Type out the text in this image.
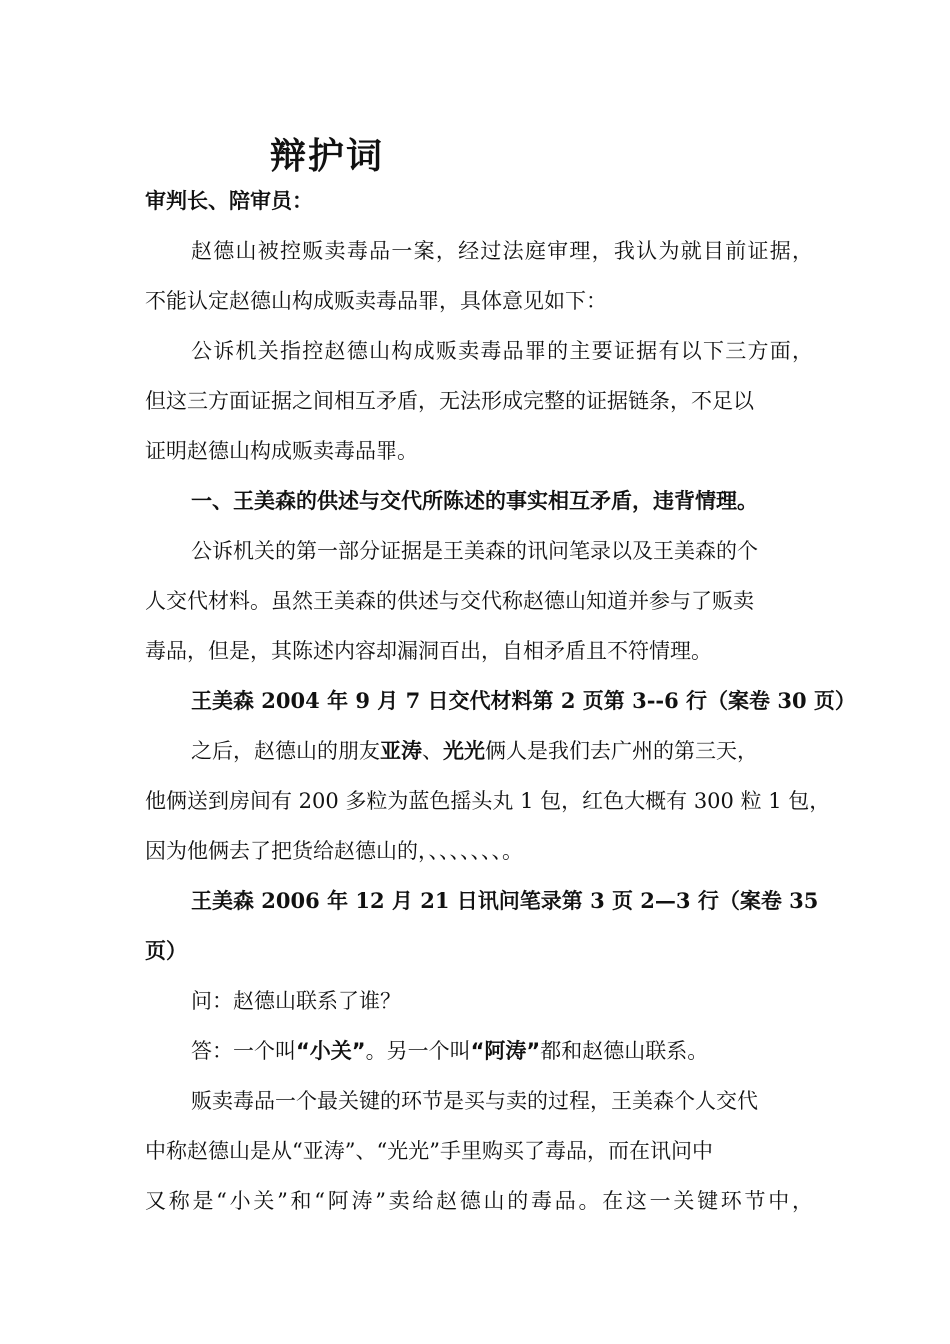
辩护词
审判长、陪审员：
赵德山被控贩卖毒品一案，经过法庭审理，我认为就目前证据，
不能认定赵德山构成贩卖毒品罪，具体意见如下：
公诉机关指控赵德山构成贩卖毒品罪的主要证据有以下三方面，
但这三方面证据之间相互矛盾，无法形成完整的证据链条，不足以
证明赵德山构成贩卖毒品罪。
一、王美森的供述与交代所陈述的事实相互矛盾，违背情理。
公诉机关的第一部分证据是王美森的讯问笔录以及王美森的个
人交代材料。虽然王美森的供述与交代称赵德山知道并参与了贩卖
毒品，但是，其陈述内容却漏洞百出，自相矛盾且不符情理。
王美森 2004 年 9 月 7 日交代材料第 2 页第 3--6 行（案卷 30 页）
之后，赵德山的朋友亚涛、光光俩人是我们去广州的第三天，
他俩送到房间有 200 多粒为蓝色摇头丸 1 包，红色大概有 300 粒 1 包，
因为他俩去了把货给赵德山的，、、、、、、、。
王美森 2006 年 12 月 21 日讯问笔录第 3 页 2—3 行（案卷 35
页）
问：赵德山联系了谁？
答：一个叫“小关”。另一个叫“阿涛”都和赵德山联系。
贩卖毒品一个最关键的环节是买与卖的过程，王美森个人交代
中称赵德山是从“亚涛”、“光光”手里购买了毒品，而在讯问中
又称是“小关”和“阿涛”卖给赵德山的毒品。在这一关键环节中，
